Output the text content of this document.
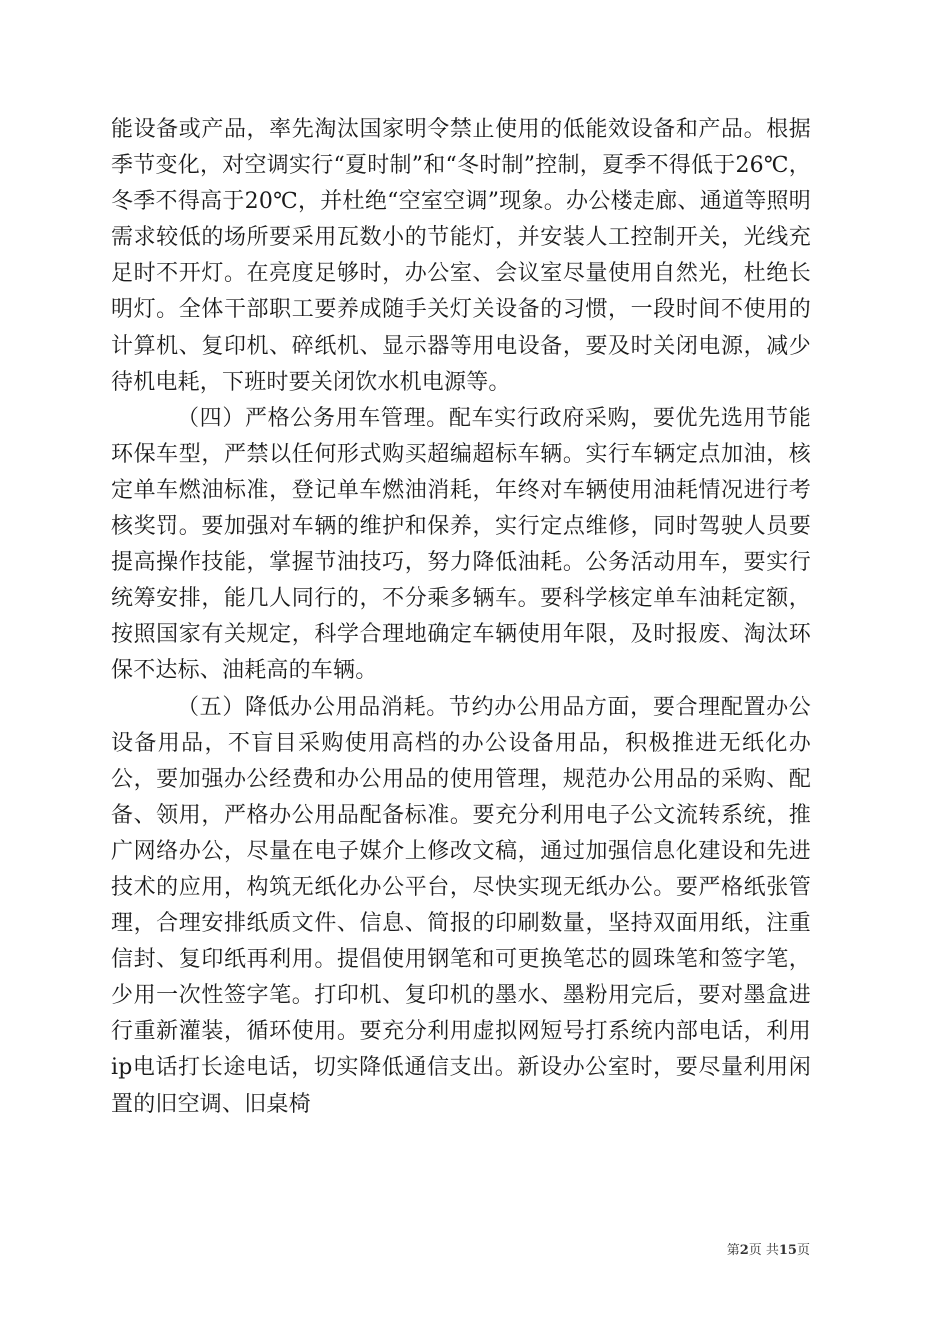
能设备或产品，率先淘汰国家明令禁止使用的低能效设备和产品。根据季节变化，对空调实行“夏时制”和“冬时制”控制，夏季不得低于26℃，冬季不得高于20℃，并杜绝“空室空调”现象。办公楼走廊、通道等照明需求较低的场所要采用瓦数小的节能灯，并安装人工控制开关，光线充足时不开灯。在亮度足够时，办公室、会议室尽量使用自然光，杜绝长明灯。全体干部职工要养成随手关灯关设备的习惯，一段时间不使用的计算机、复印机、碎纸机、显示器等用电设备，要及时关闭电源，减少待机电耗，下班时要关闭饮水机电源等。

（四）严格公务用车管理。配车实行政府采购，要优先选用节能环保车型，严禁以任何形式购买超编超标车辆。实行车辆定点加油，核定单车燃油标准，登记单车燃油消耗，年终对车辆使用油耗情况进行考核奖罚。要加强对车辆的维护和保养，实行定点维修，同时驾驶人员要提高操作技能，掌握节油技巧，努力降低油耗。公务活动用车，要实行统筹安排，能几人同行的，不分乘多辆车。要科学核定单车油耗定额，按照国家有关规定，科学合理地确定车辆使用年限，及时报废、淘汰环保不达标、油耗高的车辆。

（五）降低办公用品消耗。节约办公用品方面，要合理配置办公设备用品，不盲目采购使用高档的办公设备用品，积极推进无纸化办公，要加强办公经费和办公用品的使用管理，规范办公用品的采购、配备、领用，严格办公用品配备标准。要充分利用电子公文流转系统，推广网络办公，尽量在电子媒介上修改文稿，通过加强信息化建设和先进技术的应用，构筑无纸化办公平台，尽快实现无纸办公。要严格纸张管理，合理安排纸质文件、信息、简报的印刷数量，坚持双面用纸，注重信封、复印纸再利用。提倡使用钢笔和可更换笔芯的圆珠笔和签字笔，少用一次性签字笔。打印机、复印机的墨水、墨粉用完后，要对墨盒进行重新灌装，循环使用。要充分利用虚拟网短号打系统内部电话，利用ip电话打长途电话，切实降低通信支出。新设办公室时，要尽量利用闲置的旧空调、旧桌椅

第2页 共15页
